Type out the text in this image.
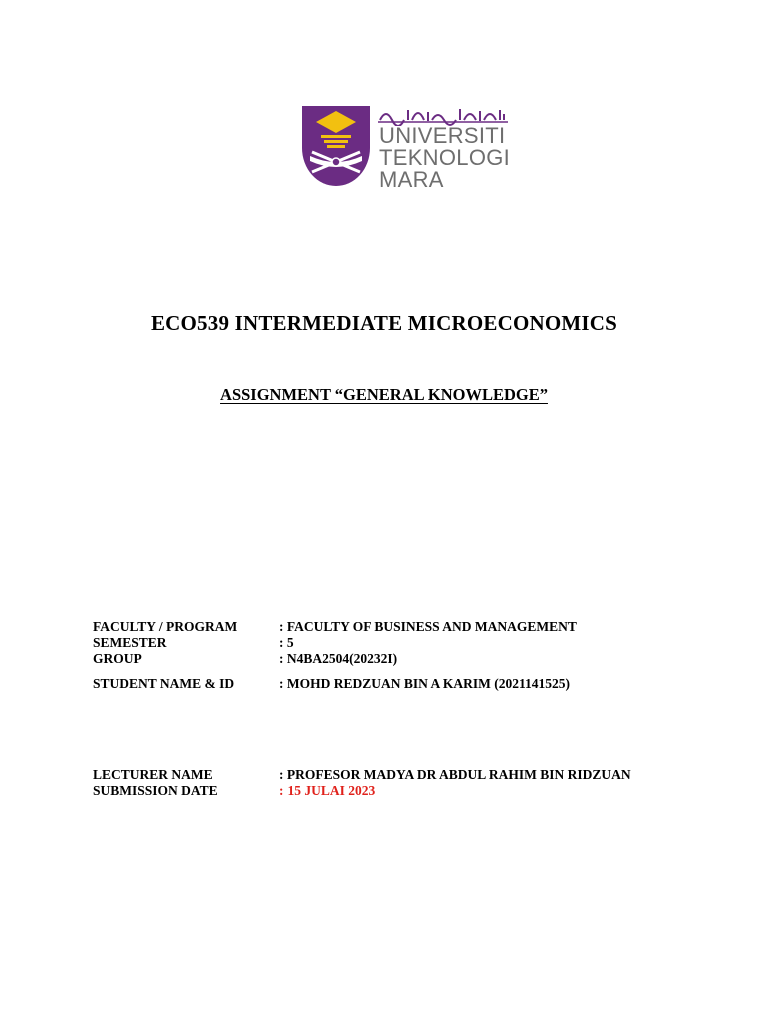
UNIVERSITI
TEKNOLOGI
MARA
ECO539 INTERMEDIATE MICROECONOMICS
ASSIGNMENT “GENERAL KNOWLEDGE”
FACULTY / PROGRAM	: FACULTY OF BUSINESS AND MANAGEMENT
SEMESTER	: 5
GROUP	: N4BA2504(20232I)
STUDENT NAME & ID	: MOHD REDZUAN BIN A KARIM (2021141525)
LECTURER NAME	: PROFESOR MADYA DR ABDUL RAHIM BIN RIDZUAN
SUBMISSION DATE	: 15 JULAI 2023
